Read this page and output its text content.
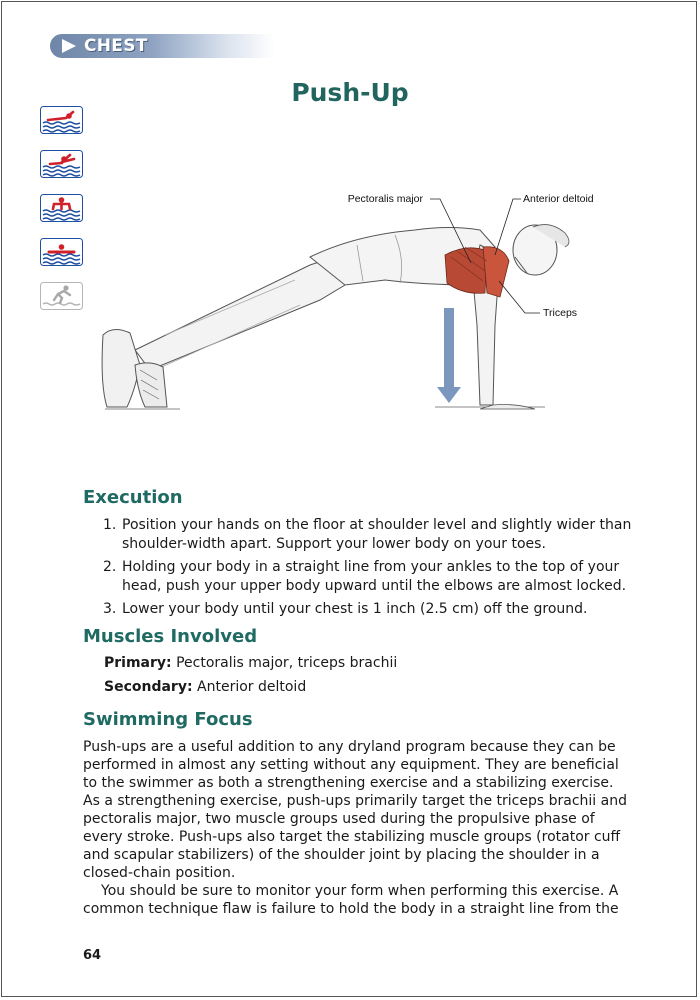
CHEST
Push-Up
Pectoralis major	Anterior deltoid
Triceps
Execution
1. Position your hands on the floor at shoulder level and slightly wider than shoulder-width apart. Support your lower body on your toes.
2. Holding your body in a straight line from your ankles to the top of your head, push your upper body upward until the elbows are almost locked.
3. Lower your body until your chest is 1 inch (2.5 cm) off the ground.
Muscles Involved
Primary: Pectoralis major, triceps brachii
Secondary: Anterior deltoid
Swimming Focus

Push-ups are a useful addition to any dryland program because they can be performed in almost any setting without any equipment. They are beneficial to the swimmer as both a strengthening exercise and a stabilizing exercise. As a strengthening exercise, push-ups primarily target the triceps brachii and pectoralis major, two muscle groups used during the propulsive phase of every stroke. Push-ups also target the stabilizing muscle groups (rotator cuff and scapular stabilizers) of the shoulder joint by placing the shoulder in a closed-chain position.

You should be sure to monitor your form when performing this exercise. A common technique flaw is failure to hold the body in a straight line from the

64
